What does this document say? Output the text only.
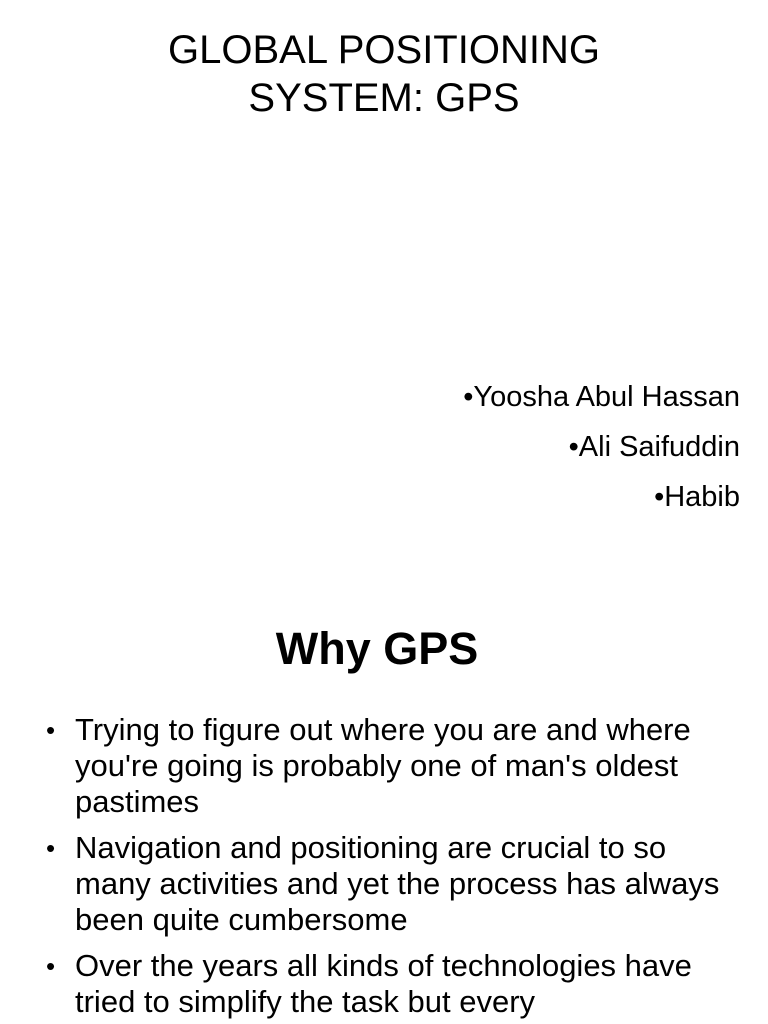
GLOBAL POSITIONING
SYSTEM: GPS
•Yoosha Abul Hassan
•Ali Saifuddin
•Habib
Why GPS
• Trying to figure out where you are and where you're going is probably one of man's oldest pastimes
• Navigation and positioning are crucial to so many activities and yet the process has always been quite cumbersome
• Over the years all kinds of technologies have tried to simplify the task but every
